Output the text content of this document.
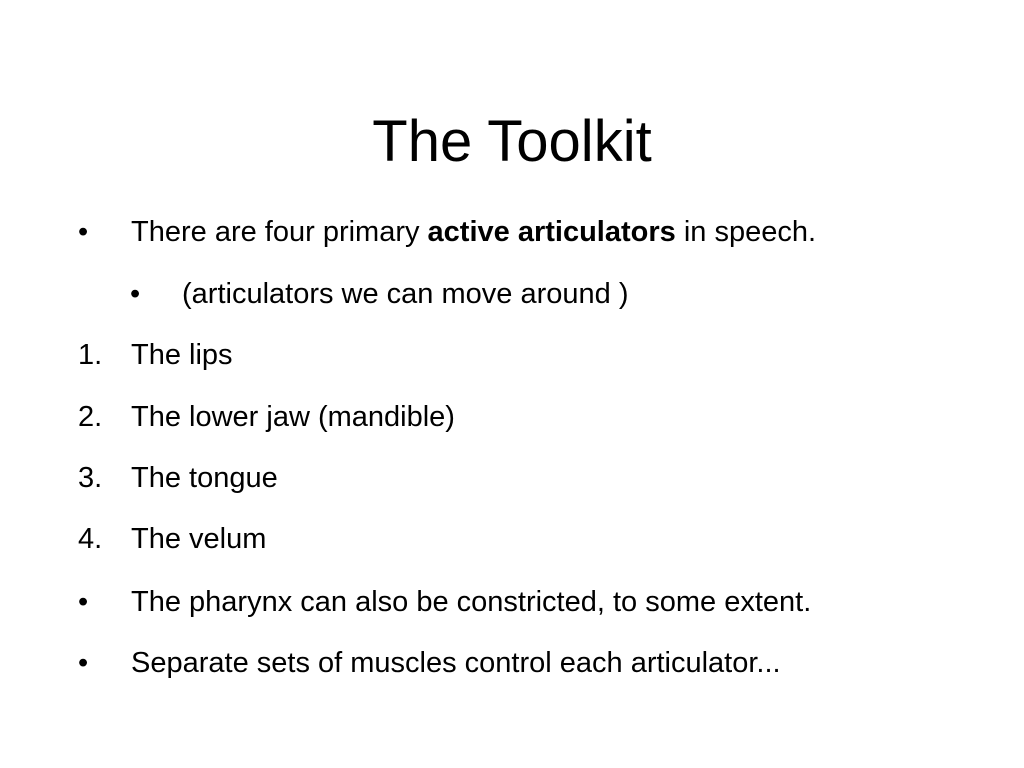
The Toolkit
• There are four primary active articulators in speech.
• (articulators we can move around )
1. The lips
2. The lower jaw (mandible)
3. The tongue
4. The velum
• The pharynx can also be constricted, to some extent.
• Separate sets of muscles control each articulator...
